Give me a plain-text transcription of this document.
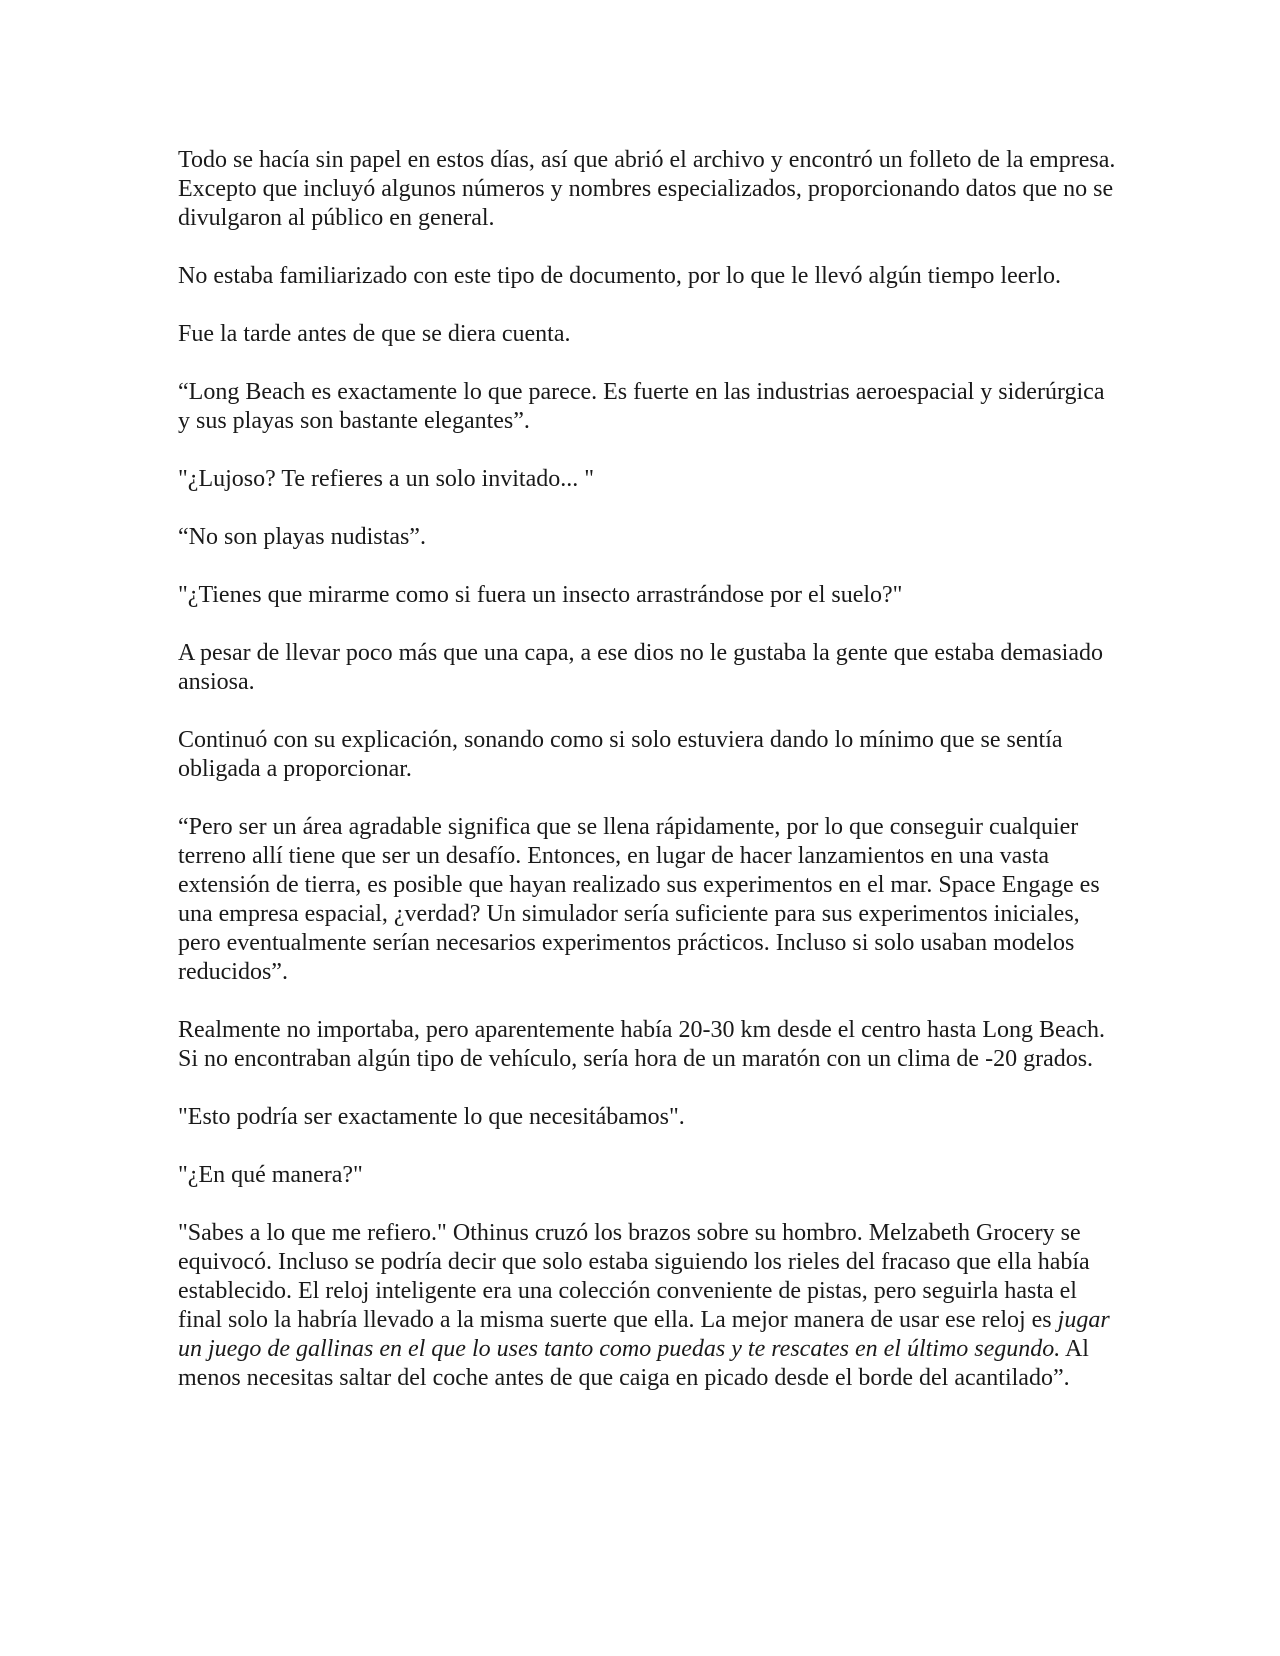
Todo se hacía sin papel en estos días, así que abrió el archivo y encontró un folleto de la empresa. Excepto que incluyó algunos números y nombres especializados, proporcionando datos que no se divulgaron al público en general.

No estaba familiarizado con este tipo de documento, por lo que le llevó algún tiempo leerlo.

Fue la tarde antes de que se diera cuenta.

“Long Beach es exactamente lo que parece. Es fuerte en las industrias aeroespacial y siderúrgica y sus playas son bastante elegantes”.

"¿Lujoso? Te refieres a un solo invitado... "

“No son playas nudistas”.

"¿Tienes que mirarme como si fuera un insecto arrastrándose por el suelo?"

A pesar de llevar poco más que una capa, a ese dios no le gustaba la gente que estaba demasiado ansiosa.

Continuó con su explicación, sonando como si solo estuviera dando lo mínimo que se sentía obligada a proporcionar.

“Pero ser un área agradable significa que se llena rápidamente, por lo que conseguir cualquier terreno allí tiene que ser un desafío. Entonces, en lugar de hacer lanzamientos en una vasta extensión de tierra, es posible que hayan realizado sus experimentos en el mar. Space Engage es una empresa espacial, ¿verdad? Un simulador sería suficiente para sus experimentos iniciales, pero eventualmente serían necesarios experimentos prácticos. Incluso si solo usaban modelos reducidos”.

Realmente no importaba, pero aparentemente había 20-30 km desde el centro hasta Long Beach. Si no encontraban algún tipo de vehículo, sería hora de un maratón con un clima de -20 grados.

"Esto podría ser exactamente lo que necesitábamos".

"¿En qué manera?"

"Sabes a lo que me refiero." Othinus cruzó los brazos sobre su hombro. Melzabeth Grocery se equivocó. Incluso se podría decir que solo estaba siguiendo los rieles del fracaso que ella había establecido. El reloj inteligente era una colección conveniente de pistas, pero seguirla hasta el final solo la habría llevado a la misma suerte que ella. La mejor manera de usar ese reloj es jugar un juego de gallinas en el que lo uses tanto como puedas y te rescates en el último segundo. Al menos necesitas saltar del coche antes de que caiga en picado desde el borde del acantilado”.
